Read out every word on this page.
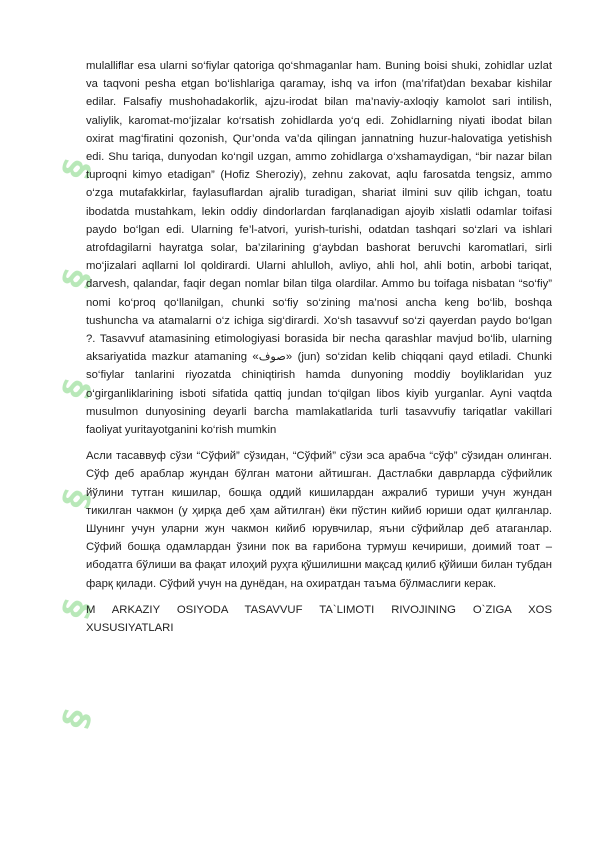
§
§
§
§
§
§

mulalliflar esa ularni so‘fiylar qatoriga qo‘shmaganlar ham. Buning boisi shuki, zohidlar uzlat va taqvoni pesha etgan bo‘lishlariga qaramay, ishq va irfon (ma’rifat)dan bexabar kishilar edilar. Falsafiy mushohadakorlik, ajzu-irodat bilan ma’naviy-axloqiy kamolot sari intilish, valiylik, karomat-mo‘jizalar ko‘rsatish zohidlarda yo‘q edi. Zohidlarning niyati ibodat bilan oxirat mag‘firatini qozonish, Qur’onda va’da qilingan jannatning huzur-halovatiga yetishish edi. Shu tariqa, dunyodan ko‘ngil uzgan, ammo zohidlarga o‘xshamaydigan, “bir nazar bilan tuproqni kimyo etadigan” (Hofiz Sheroziy), zehnu zakovat, aqlu farosatda tengsiz, ammo o‘zga mutafakkirlar, faylasuflardan ajralib turadigan, shariat ilmini suv qilib ichgan, toatu ibodatda mustahkam, lekin oddiy dindorlardan farqlanadigan ajoyib xislatli odamlar toifasi paydo bo‘lgan edi. Ularning fe’l-atvori, yurish-turishi, odatdan tashqari so‘zlari va ishlari atrofdagilarni hayratga solar, ba’zilarining g‘aybdan bashorat beruvchi karomatlari, sirli mo‘jizalari aqllarni lol qoldirardi. Ularni ahlulloh, avliyo, ahli hol, ahli botin, arbobi tariqat, darvesh, qalandar, faqir degan nomlar bilan tilga olardilar. Ammo bu toifaga nisbatan “so‘fiy” nomi ko‘proq qo‘llanilgan, chunki so‘fiy so‘zining ma’nosi ancha keng bo‘lib, boshqa tushuncha va atamalarni o‘z ichiga sig‘dirardi. Xo‘sh tasavvuf so‘zi qayerdan paydo bo‘lgan ?. Tasavvuf atamasining etimologiyasi borasida bir necha qarashlar mavjud bo‘lib, ularning aksariyatida mazkur atamaning «صوف» (jun) so‘zidan kelib chiqqani qayd etiladi. Chunki so‘fiylar tanlarini riyozatda chiniqtirish hamda dunyoning moddiy boyliklaridan yuz o‘girganliklarining isboti sifatida qattiq jundan to‘qilgan libos kiyib yurganlar. Ayni vaqtda musulmon dunyosining deyarli barcha mamlakatlarida turli tasavvufiy tariqatlar vakillari faoliyat yuritayotganini ko‘rish mumkin

Асли тасаввуф сўзи “Сўфий” сўзидан, “Сўфий” сўзи эса арабча “сўф” сўзидан олинган. Сўф деб араблар жундан бўлган матони айтишган. Дастлабки даврларда сўфийлик йўлини тутган кишилар, бошқа оддий кишилардан ажралиб туриши учун жундан тикилган чакмон (у ҳирқа деб ҳам айтилган) ёки пўстин кийиб юриши одат қилганлар. Шунинг учун уларни жун чакмон кийиб юрувчилар, яъни сўфийлар деб атаганлар. Сўфий бошқа одамлардан ўзини пок ва ғарибона турмуш кечириши, доимий тоат –ибодатга бўлиши ва фақат илоҳий руҳга қўшилишни мақсад қилиб қўйиши билан тубдан фарқ қилади. Сўфий учун на дунёдан, на охиратдан таъма бўлмаслиги керак.

M ARKAZIY OSIYODA TASAVVUF TA`LIMOTI RIVOJINING O`ZIGA XOS
XUSUSIYATLARI
